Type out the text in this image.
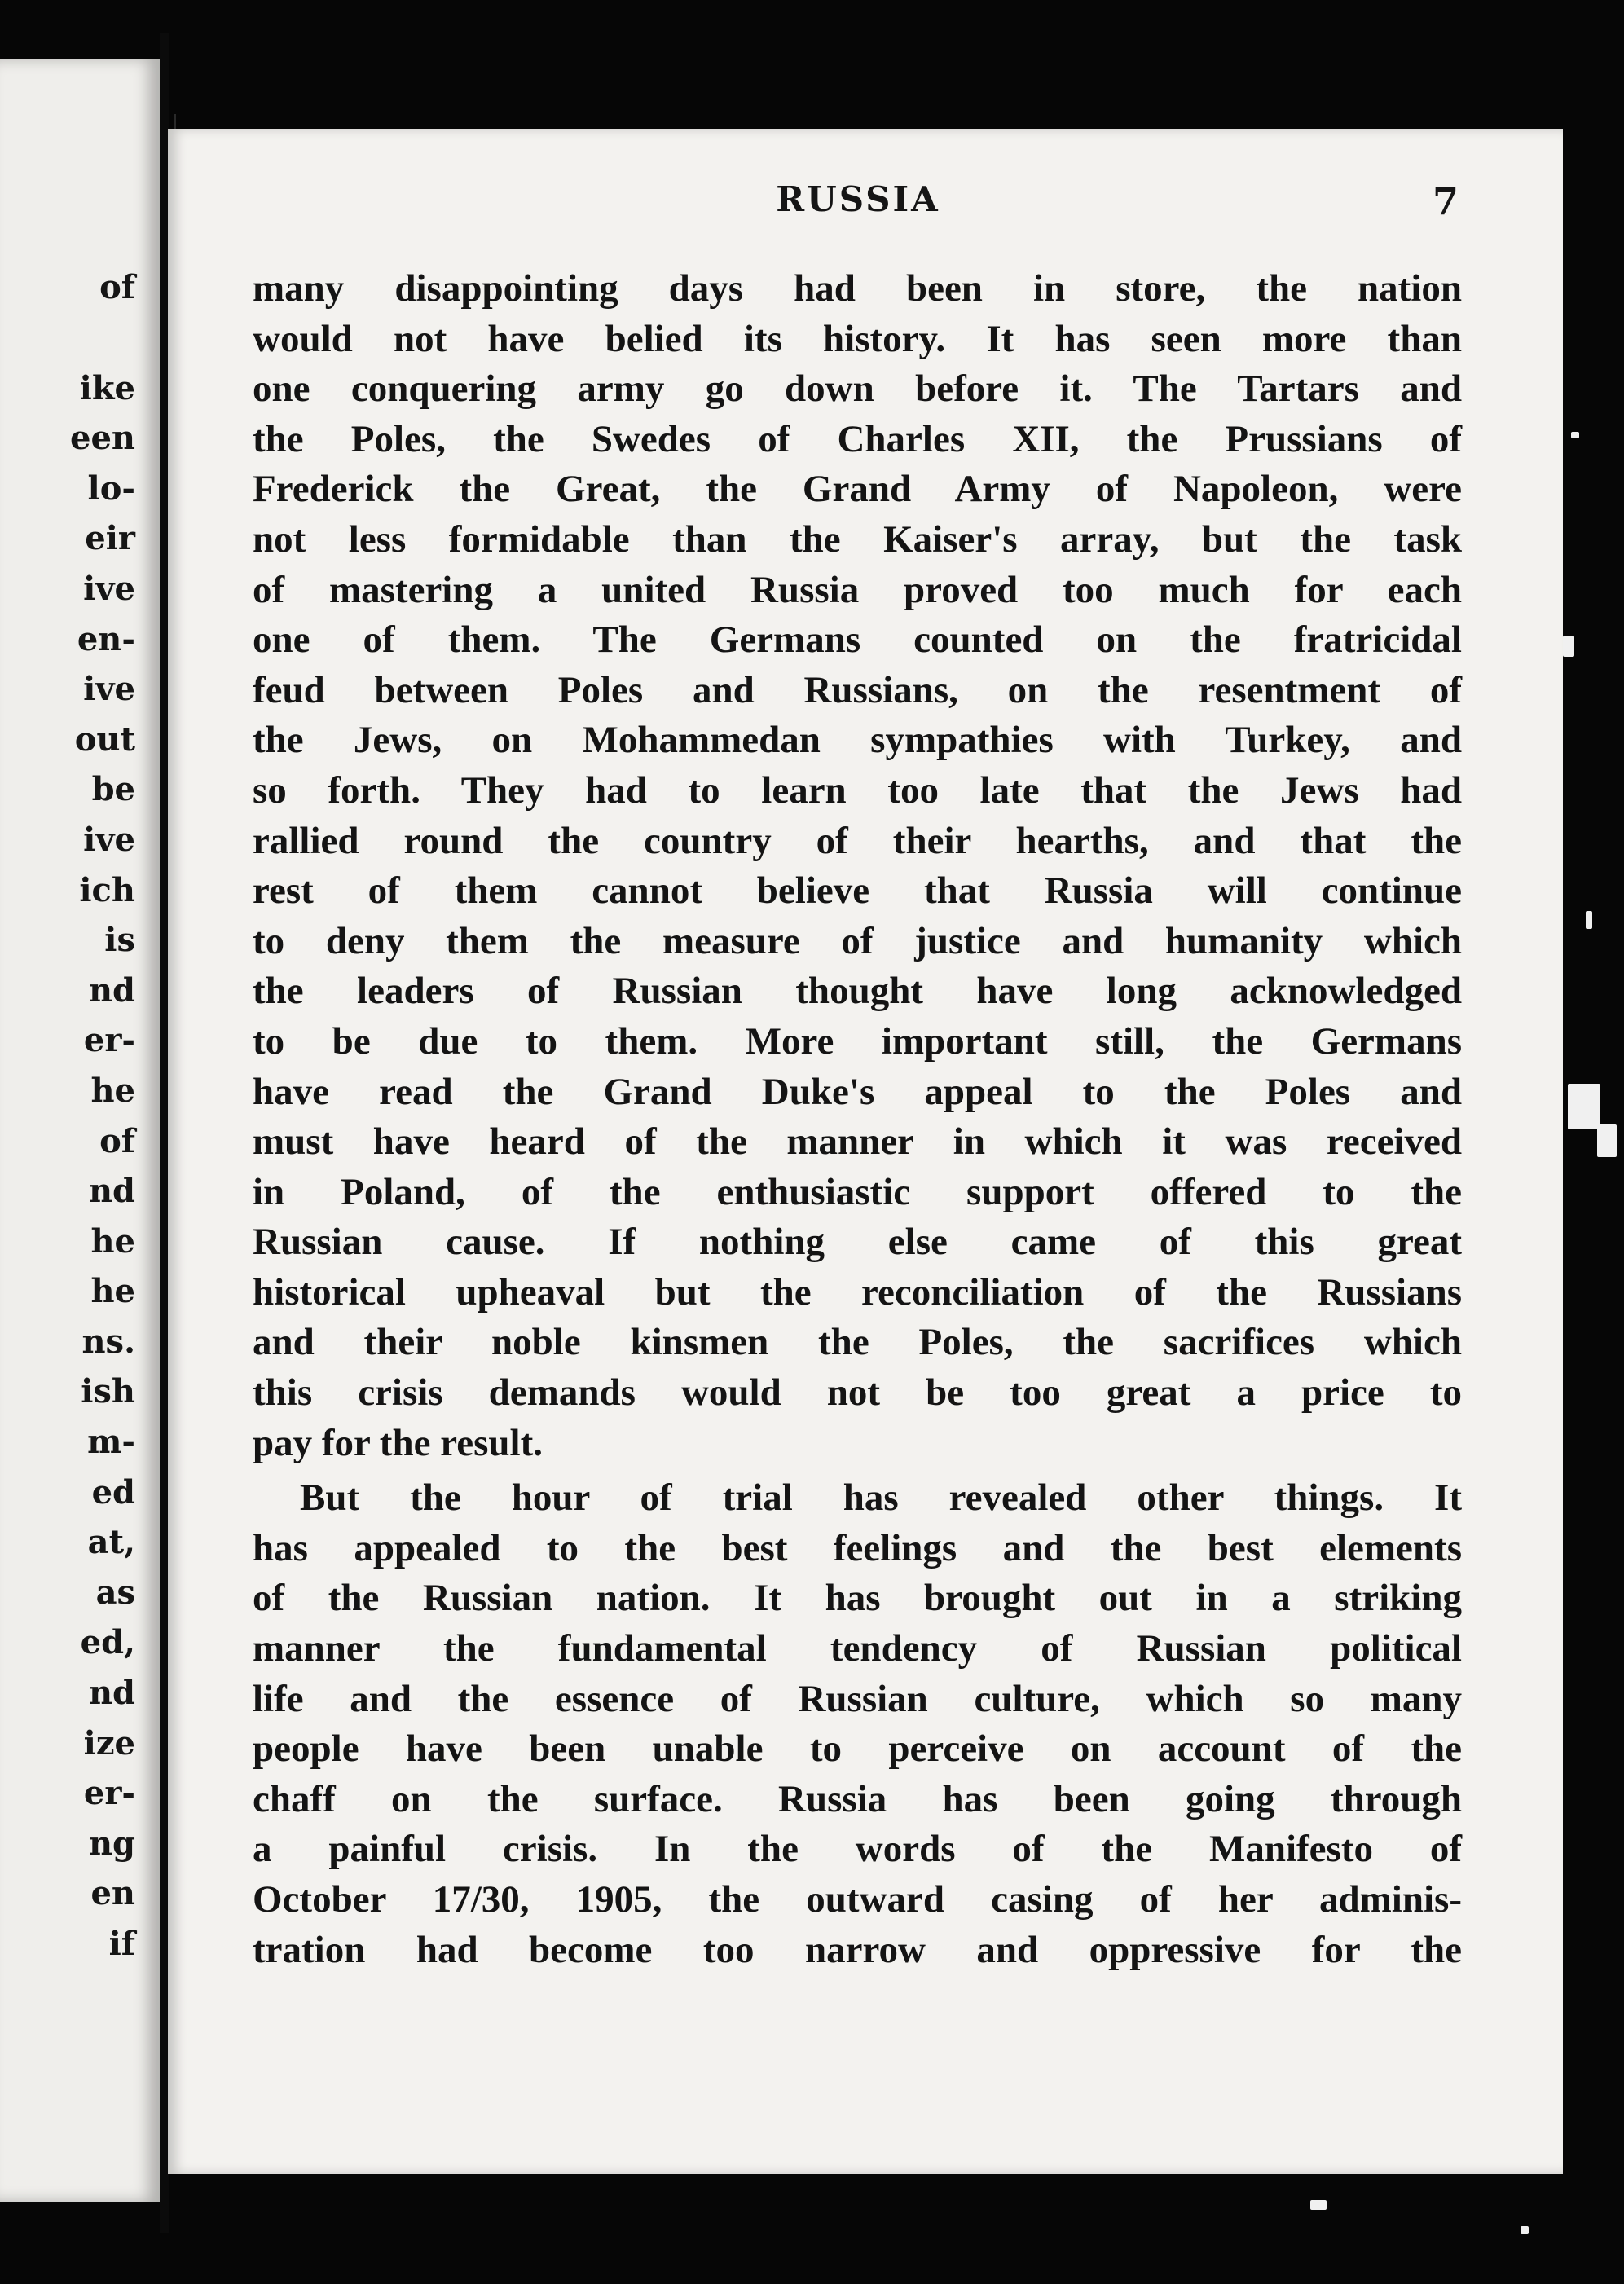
of
ike
een
lo-
eir
ive
en-
ive
out
be
ive
ich
is
nd
er-
he
of
nd
he
he
ns.
ish
m-
ed
at,
as
ed,
nd
ize
er-
ng
en
if
RUSSIA	7
many disappointing days had been in store, the nation
would not have belied its history. It has seen more than
one conquering army go down before it. The Tartars and
the Poles, the Swedes of Charles XII, the Prussians of
Frederick the Great, the Grand Army of Napoleon, were
not less formidable than the Kaiser's array, but the task
of mastering a united Russia proved too much for each
one of them. The Germans counted on the fratricidal
feud between Poles and Russians, on the resentment of
the Jews, on Mohammedan sympathies with Turkey, and
so forth. They had to learn too late that the Jews had
rallied round the country of their hearths, and that the
rest of them cannot believe that Russia will continue
to deny them the measure of justice and humanity which
the leaders of Russian thought have long acknowledged
to be due to them. More important still, the Germans
have read the Grand Duke's appeal to the Poles and
must have heard of the manner in which it was received
in Poland, of the enthusiastic support offered to the
Russian cause. If nothing else came of this great
historical upheaval but the reconciliation of the Russians
and their noble kinsmen the Poles, the sacrifices which
this crisis demands would not be too great a price to
pay for the result.
But the hour of trial has revealed other things. It
has appealed to the best feelings and the best elements
of the Russian nation. It has brought out in a striking
manner the fundamental tendency of Russian political
life and the essence of Russian culture, which so many
people have been unable to perceive on account of the
chaff on the surface. Russia has been going through
a painful crisis. In the words of the Manifesto of
October 17/30, 1905, the outward casing of her adminis-
tration had become too narrow and oppressive for the
